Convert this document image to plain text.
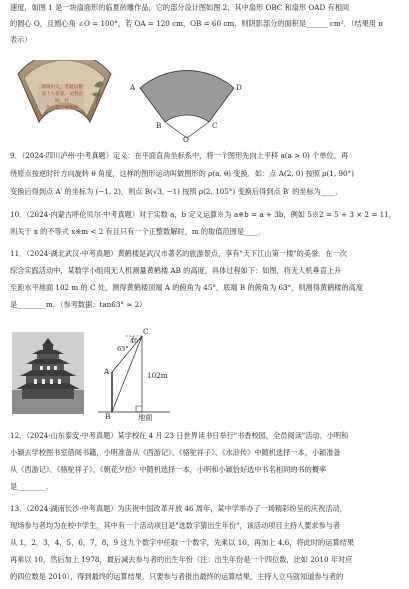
速度，如图 1 是一块扇面形的临夏砖雕作品，它的部分设计图如图 2，其中扇形 OBC 和扇形 OAD 有相同
的圆心 O，且圆心角 ∠O = 100°，若 OA = 120 cm，OB = 60 cm，则阴影部分的面积是______ cm²．（结果用 π
表示）
建筑中人，考题以精
美十人有多，文明宣统，社
会公德自律康德
A	D
B	C
O
9．（2024·四川泸州·中考真题）定义：在平面直角坐标系中，将一个图形先向上平移 a(a > 0) 个单位，再
绕原点按逆时针方向旋转 θ 角度，这样的图形运动叫做图形的 ρ(a, θ) 变换．如：点 A(2, 0) 按照 ρ(1, 90°)
变换后得到点 A′ 的坐标为 (−1, 2)，则点 B(√3, −1) 按照 ρ(2, 105°) 变换后得到点 B′ 的坐标为____．
10．（2024·内蒙古呼伦贝尔·中考真题）对于实数 a，b 定义运算※为 a※b = a + 3b，例如 5※2 = 5 + 3 × 2 = 11，
则关于 x 的不等式 x※m < 2 有且只有一个正整数解时，m 的取值范围是____．
11．（2024·湖北武汉·中考真题）黄鹤楼是武汉市著名的旅游景点，享有"天下江山第一楼"的美誉．在一次
综合实践活动中，某数学小组用无人机测量黄鹤楼 AB 的高度，具体过程如下：如图，将无人机垂直上升
至距水平地面 102 m 的 C 处，测得黄鹤楼顶端 A 的俯角为 45°，底端 B 的俯角为 63°，则测得黄鹤楼的高度
是________m．（参考数据：tan63° ≈ 2）
C
45°
63°
A	102m
B	地面
12．（2024·山东泰安·中考真题）某学校在 4 月 23 日世界读书日举行"书香校园，全员阅读"活动．小明和
小颖去学校图书室借阅书籍，小明准备从《西游记》、《骆驼祥子》、《水浒传》中随机选择一本，小颖准备
从《西游记》、《骆驼祥子》、《朝花夕拾》中随机选择一本，小明和小颖恰好选中书名相同的书的概率
是________．
13．（2024·湖南长沙·中考真题）为庆祝中国改革开放 46 周年，某中学举办了一场精彩纷呈的庆祝活动，
现场参与者均为在校中学生，其中有一个活动项目是"选数字猜出生年份"，该活动项目主持人要求参与者
从 1，2，3，4，5，6，7，8，9 这九个数字中任取一个数字，先乘以 10，再加上 4.6，将此时的运算结果
再乘以 10，然后加上 1978，最后减去参与者的出生年份（注：出生年份是一个四位数，比如 2010 年对应
的四位数是 2010），得到最终的运算结果．只要参与者报出最终的运算结果，主持人立马就知道参与者的
